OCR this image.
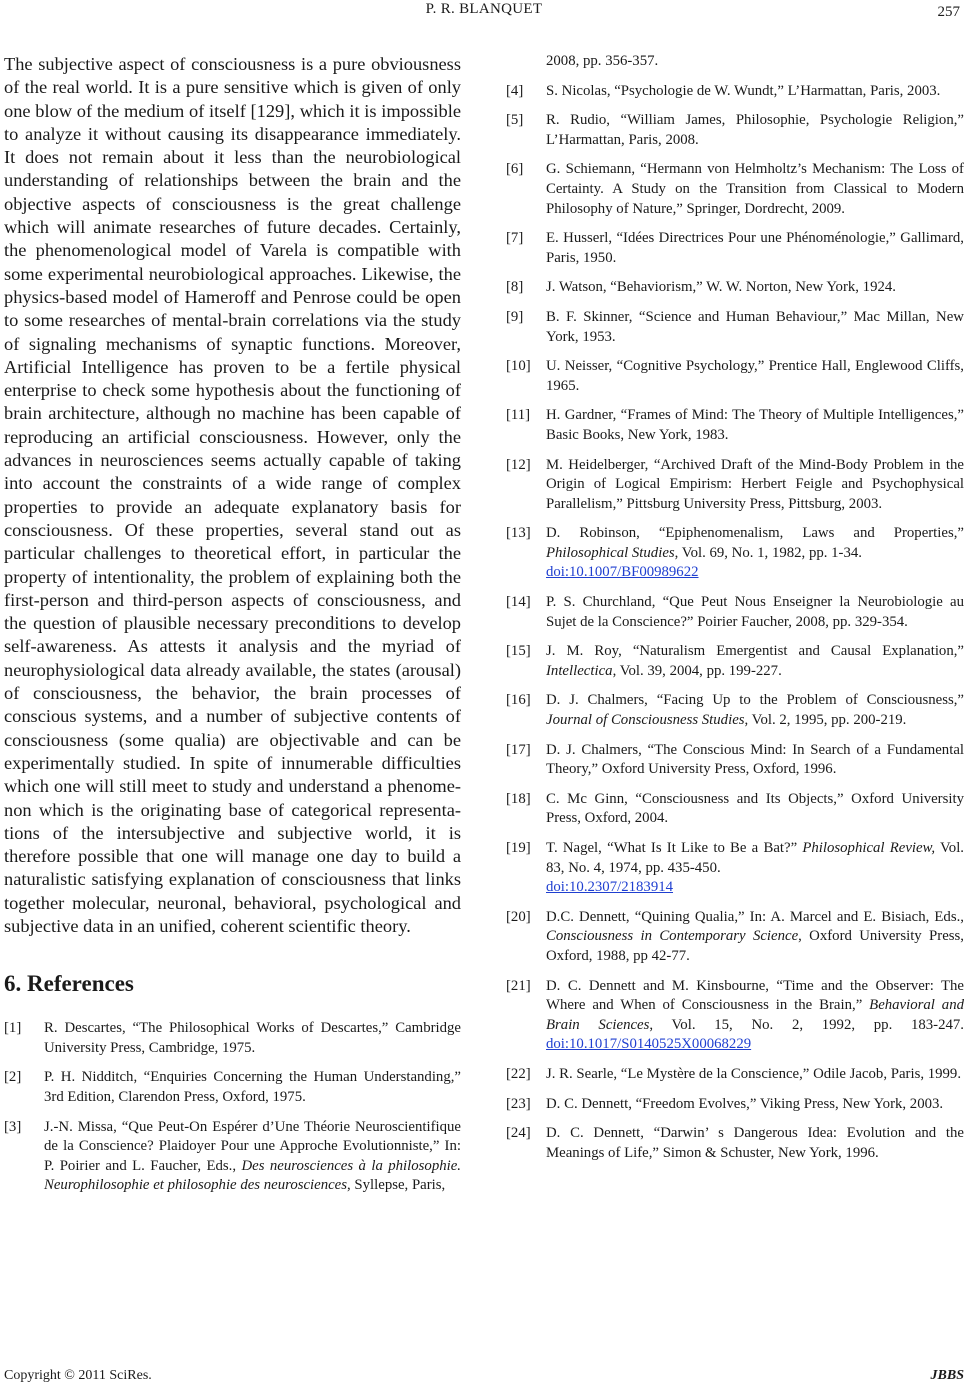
P. R. BLANQUET	257

The subjective aspect of consciousness is a pure obviousness of the real world. It is a pure sensitive which is given of only one blow of the medium of itself [129], which it is impossible to analyze it without causing its disappearance immediately. It does not remain about it less than the neurobiological understanding of relationships between the brain and the objective aspects of consciousness is the great challenge which will animate researches of future decades. Certainly, the phenomenological model of Varela is compatible with some experimental neurobiological approaches. Likewise, the physics-based model of Hameroff and Penrose could be open to some researches of mental-brain correlations via the study of signaling mechanisms of synaptic functions. Moreover, Artificial Intelligence has proven to be a fertile physical enterprise to check some hypothesis about the functioning of brain architecture, although no machine has been capable of reproducing an artificial consciousness. However, only the advances in neurosciences seems actually capable of taking into account the constraints of a wide range of complex properties to provide an adequate explanatory basis for consciousness. Of these properties, several stand out as particular challenges to theoretical effort, in particular the property of intentionality, the problem of explaining both the first-person and third-person aspects of consciousness, and the question of plausible necessary preconditions to develop self-awareness. As attests it analysis and the myriad of neurophysiological data already available, the states (arousal) of consciousness, the behavior, the brain processes of conscious systems, and a number of subjective contents of consciousness (some qualia) are objectivable and can be experimentally studied. In spite of innumerable difficulties which one will still meet to study and understand a phenomenon which is the originating base of categorical representations of the intersubjective and subjective world, it is therefore possible that one will manage one day to build a naturalistic satisfying explanation of consciousness that links together molecular, neuronal, behavioral, psychological and subjective data in an unified, coherent scientific theory.

6. References
[1]	R. Descartes, “The Philosophical Works of Descartes,” Cambridge University Press, Cambridge, 1975.
[2]	P. H. Nidditch, “Enquiries Concerning the Human Understanding,” 3rd Edition, Clarendon Press, Oxford, 1975.
[3]	J.-N. Missa, “Que Peut-On Espérer d’Une Théorie Neuroscientifique de la Conscience? Plaidoyer Pour une Approche Evolutionniste,” In: P. Poirier and L. Faucher, Eds., Des neurosciences à la philosophie. Neurophilosophie et philosophie des neurosciences, Syllepse, Paris,
2008, pp. 356-357.
[4]	S. Nicolas, “Psychologie de W. Wundt,” L’Harmattan, Paris, 2003.
[5]	R. Rudio, “William James, Philosophie, Psychologie Religion,” L’Harmattan, Paris, 2008.
[6]	G. Schiemann, “Hermann von Helmholtz’s Mechanism: The Loss of Certainty. A Study on the Transition from Classical to Modern Philosophy of Nature,” Springer, Dordrecht, 2009.
[7]	E. Husserl, “Idées Directrices Pour une Phénoménologie,” Gallimard, Paris, 1950.
[8]	J. Watson, “Behaviorism,” W. W. Norton, New York, 1924.
[9]	B. F. Skinner, “Science and Human Behaviour,” Mac Millan, New York, 1953.
[10]	U. Neisser, “Cognitive Psychology,” Prentice Hall, Englewood Cliffs, 1965.
[11]	H. Gardner, “Frames of Mind: The Theory of Multiple Intelligences,” Basic Books, New York, 1983.
[12]	M. Heidelberger, “Archived Draft of the Mind-Body Problem in the Origin of Logical Empirism: Herbert Feigle and Psychophysical Parallelism,” Pittsburg University Press, Pittsburg, 2003.
[13]	D. Robinson, “Epiphenomenalism, Laws and Properties,” Philosophical Studies, Vol. 69, No. 1, 1982, pp. 1-34.
doi:10.1007/BF00989622
[14]	P. S. Churchland, “Que Peut Nous Enseigner la Neurobiologie au Sujet de la Conscience?” Poirier Faucher, 2008, pp. 329-354.
[15]	J. M. Roy, “Naturalism Emergentist and Causal Explanation,” Intellectica, Vol. 39, 2004, pp. 199-227.
[16]	D. J. Chalmers, “Facing Up to the Problem of Consciousness,” Journal of Consciousness Studies, Vol. 2, 1995, pp. 200-219.
[17]	D. J. Chalmers, “The Conscious Mind: In Search of a Fundamental Theory,” Oxford University Press, Oxford, 1996.
[18]	C. Mc Ginn, “Consciousness and Its Objects,” Oxford University Press, Oxford, 2004.
[19]	T. Nagel, “What Is It Like to Be a Bat?” Philosophical Review, Vol. 83, No. 4, 1974, pp. 435-450.
doi:10.2307/2183914
[20]	D.C. Dennett, “Quining Qualia,” In: A. Marcel and E. Bisiach, Eds., Consciousness in Contemporary Science, Oxford University Press, Oxford, 1988, pp 42-77.
[21]	D. C. Dennett and M. Kinsbourne, “Time and the Observer: The Where and When of Consciousness in the Brain,” Behavioral and Brain Sciences, Vol. 15, No. 2, 1992, pp. 183-247. doi:10.1017/S0140525X00068229
[22]	J. R. Searle, “Le Mystère de la Conscience,” Odile Jacob, Paris, 1999.
[23]	D. C. Dennett, “Freedom Evolves,” Viking Press, New York, 2003.
[24]	D. C. Dennett, “Darwin’ s Dangerous Idea: Evolution and the Meanings of Life,” Simon & Schuster, New York, 1996.
Copyright © 2011 SciRes.	JBBS
